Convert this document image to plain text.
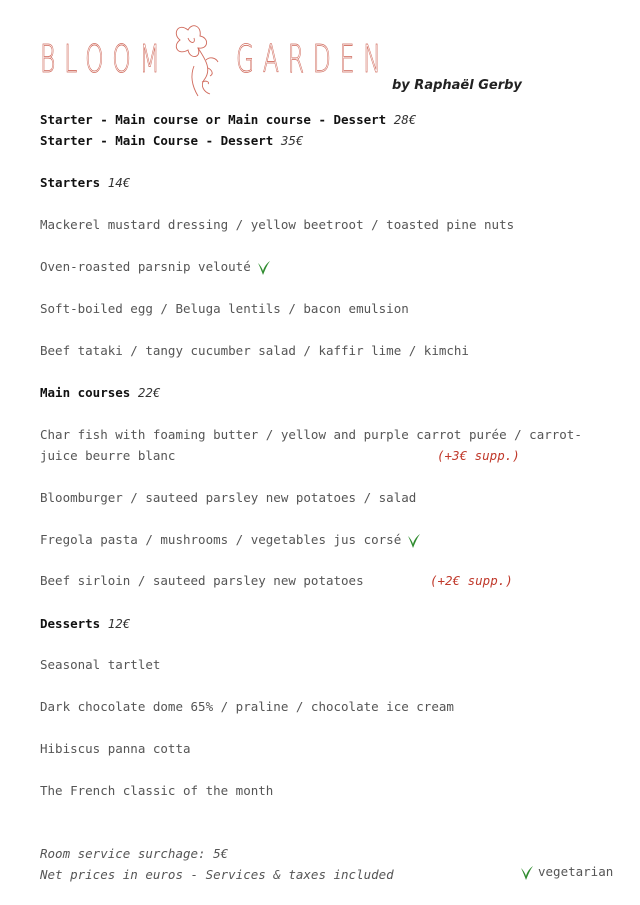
BLOOM GARDEN
by Raphaël Gerby
Starter - Main course or Main course - Dessert 28€
Starter - Main Course - Dessert 35€
Starters 14€
Mackerel mustard dressing / yellow beetroot / toasted pine nuts
Oven-roasted parsnip velouté
Soft-boiled egg / Beluga lentils / bacon emulsion
Beef tataki / tangy cucumber salad / kaffir lime / kimchi
Main courses 22€
Char fish with foaming butter / yellow and purple carrot purée / carrot-
juice beurre blanc	(+3€ supp.)
Bloomburger / sauteed parsley new potatoes / salad
Fregola pasta / mushrooms / vegetables jus corsé
Beef sirloin / sauteed parsley new potatoes	(+2€ supp.)
Desserts 12€
Seasonal tartlet
Dark chocolate dome 65% / praline / chocolate ice cream
Hibiscus panna cotta
The French classic of the month
Room service surchage: 5€
Net prices in euros - Services & taxes included	vegetarian
